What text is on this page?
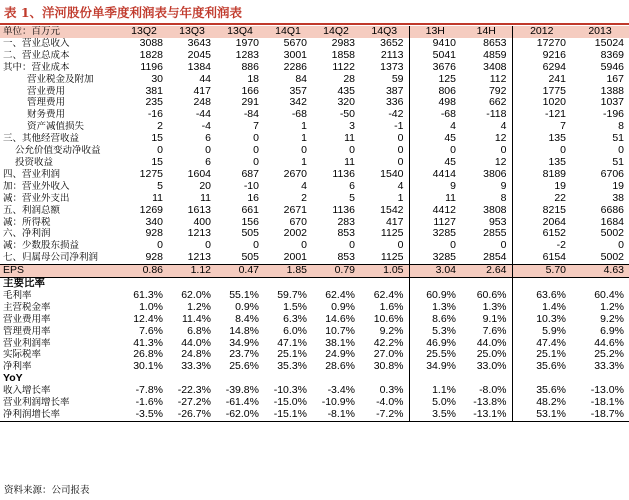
表 1、洋河股份单季度利润表与年度利润表
单位：百万元	13Q2	13Q3	13Q4	14Q1	14Q2	14Q3	13H	14H	2012	2013
一、营业总收入	3088	3643	1970	5670	2983	3652	9410	8653	17270	15024
二、营业总成本	1828	2045	1283	3001	1858	2113	5041	4859	9216	8369
其中：营业成本	1196	1384	886	2286	1122	1373	3676	3408	6294	5946
营业税金及附加	30	44	18	84	28	59	125	112	241	167
营业费用	381	417	166	357	435	387	806	792	1775	1388
管理费用	235	248	291	342	320	336	498	662	1020	1037
财务费用	-16	-44	-84	-68	-50	-42	-68	-118	-121	-196
资产减值损失	2	-4	7	1	3	-1	4	4	7	8
三、其他经营收益	15	6	0	1	11	0	45	12	135	51
公允价值变动净收益	0	0	0	0	0	0	0	0	0	0
投资收益	15	6	0	1	11	0	45	12	135	51
四、营业利润	1275	1604	687	2670	1136	1540	4414	3806	8189	6706
加：营业外收入	5	20	-10	4	6	4	9	9	19	19
减：营业外支出	11	11	16	2	5	1	11	8	22	38
五、利润总额	1269	1613	661	2671	1136	1542	4412	3808	8215	6686
减：所得税	340	400	156	670	283	417	1127	953	2064	1684
六、净利润	928	1213	505	2002	853	1125	3285	2855	6152	5002
减：少数股东损益	0	0	0	0	0	0	0	0	-2	0
七、归属母公司净利润	928	1213	505	2001	853	1125	3285	2854	6154	5002
EPS	0.86	1.12	0.47	1.85	0.79	1.05	3.04	2.64	5.70	4.63
主要比率										
毛利率	61.3%	62.0%	55.1%	59.7%	62.4%	62.4%	60.9%	60.6%	63.6%	60.4%
主营税金率	1.0%	1.2%	0.9%	1.5%	0.9%	1.6%	1.3%	1.3%	1.4%	1.2%
营业费用率	12.4%	11.4%	8.4%	6.3%	14.6%	10.6%	8.6%	9.1%	10.3%	9.2%
管理费用率	7.6%	6.8%	14.8%	6.0%	10.7%	9.2%	5.3%	7.6%	5.9%	6.9%
营业利润率	41.3%	44.0%	34.9%	47.1%	38.1%	42.2%	46.9%	44.0%	47.4%	44.6%
实际税率	26.8%	24.8%	23.7%	25.1%	24.9%	27.0%	25.5%	25.0%	25.1%	25.2%
净利率	30.1%	33.3%	25.6%	35.3%	28.6%	30.8%	34.9%	33.0%	35.6%	33.3%
YoY										
收入增长率	-7.8%	-22.3%	-39.8%	-10.3%	-3.4%	0.3%	1.1%	-8.0%	35.6%	-13.0%
营业利润增长率	-1.6%	-27.2%	-61.4%	-15.0%	-10.9%	-4.0%	5.0%	-13.8%	48.2%	-18.1%
净利润增长率	-3.5%	-26.7%	-62.0%	-15.1%	-8.1%	-7.2%	3.5%	-13.1%	53.1%	-18.7%
资料来源：公司报表
